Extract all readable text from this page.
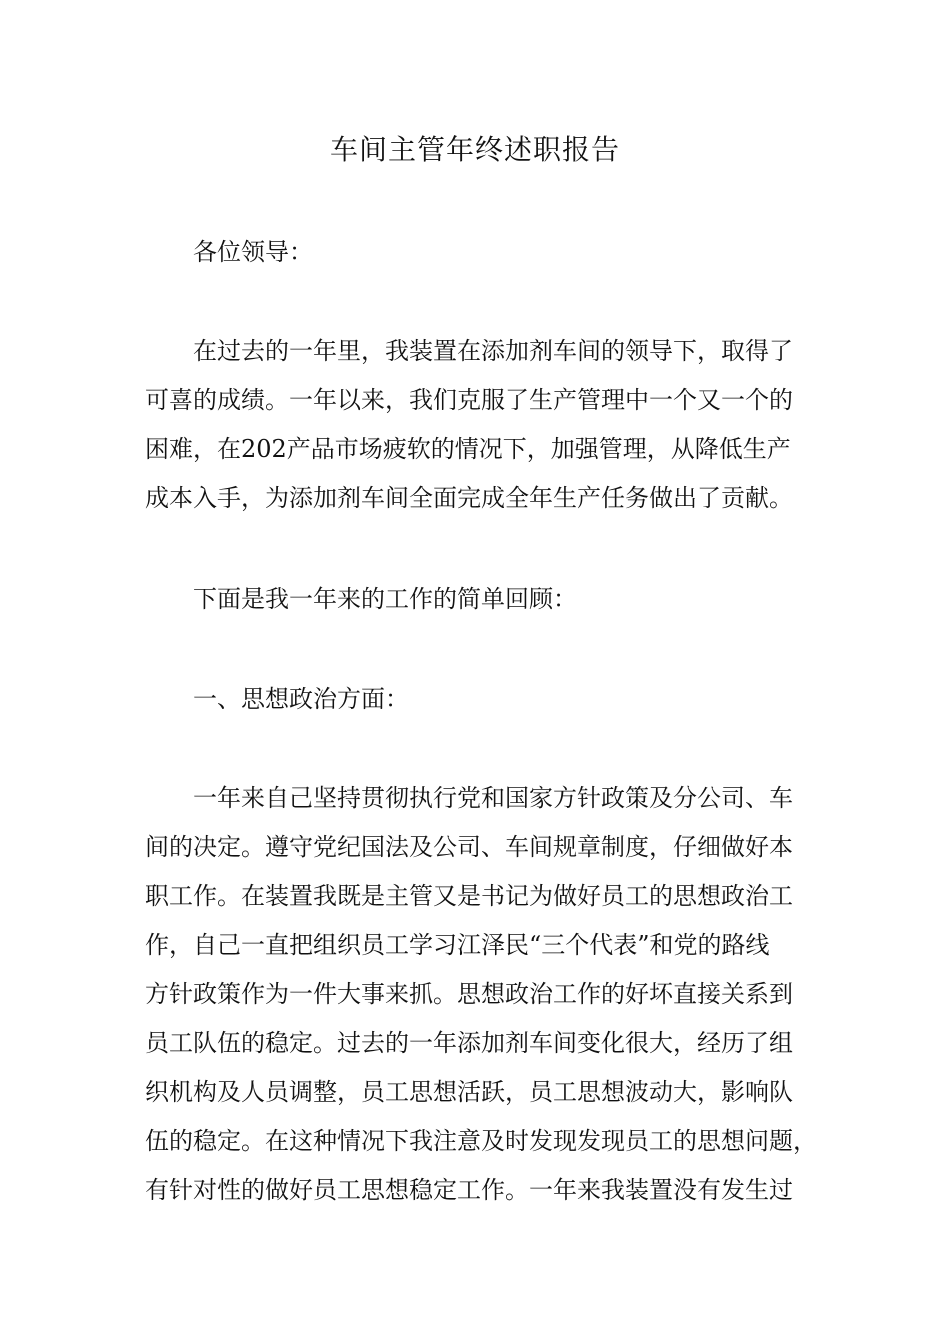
车间主管年终述职报告

各位领导：

在过去的一年里，我装置在添加剂车间的领导下，取得了
可喜的成绩。一年以来，我们克服了生产管理中一个又一个的
困难，在202产品市场疲软的情况下，加强管理，从降低生产
成本入手，为添加剂车间全面完成全年生产任务做出了贡献。

下面是我一年来的工作的简单回顾：

一、思想政治方面：

一年来自己坚持贯彻执行党和国家方针政策及分公司、车
间的决定。遵守党纪国法及公司、车间规章制度，仔细做好本
职工作。在装置我既是主管又是书记为做好员工的思想政治工
作，自己一直把组织员工学习江泽民“三个代表”和党的路线
方针政策作为一件大事来抓。思想政治工作的好坏直接关系到
员工队伍的稳定。过去的一年添加剂车间变化很大，经历了组
织机构及人员调整，员工思想活跃，员工思想波动大，影响队
伍的稳定。在这种情况下我注意及时发现发现员工的思想问题，
有针对性的做好员工思想稳定工作。一年来我装置没有发生过
